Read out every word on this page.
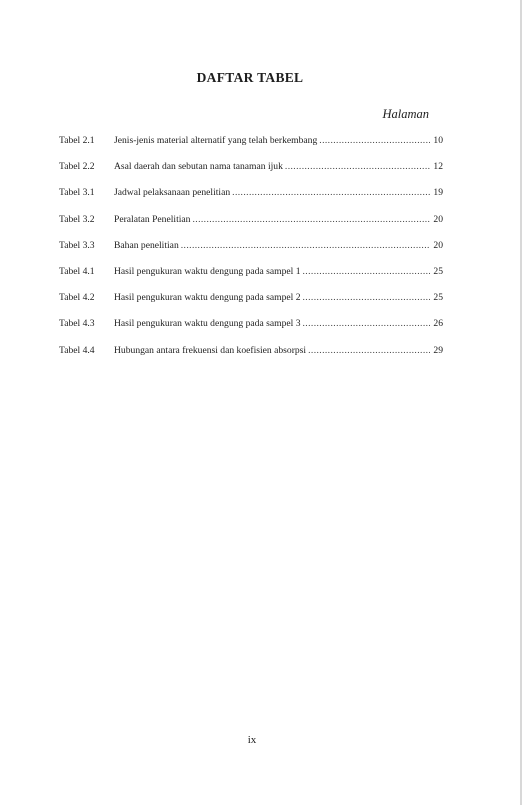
DAFTAR TABEL
Halaman
Tabel 2.1	Jenis-jenis material alternatif yang telah berkembang .....	10
Tabel 2.2	Asal daerah dan sebutan nama tanaman ijuk .....	12
Tabel 3.1	Jadwal pelaksanaan penelitian .....	19
Tabel 3.2	Peralatan Penelitian .....	20
Tabel 3.3	Bahan penelitian .....	20
Tabel 4.1	Hasil pengukuran waktu dengung pada sampel 1 .....	25
Tabel 4.2	Hasil pengukuran waktu dengung pada sampel 2 .....	25
Tabel 4.3	Hasil pengukuran waktu dengung pada sampel 3 .....	26
Tabel 4.4	Hubungan antara frekuensi dan koefisien absorpsi .....	29
ix
